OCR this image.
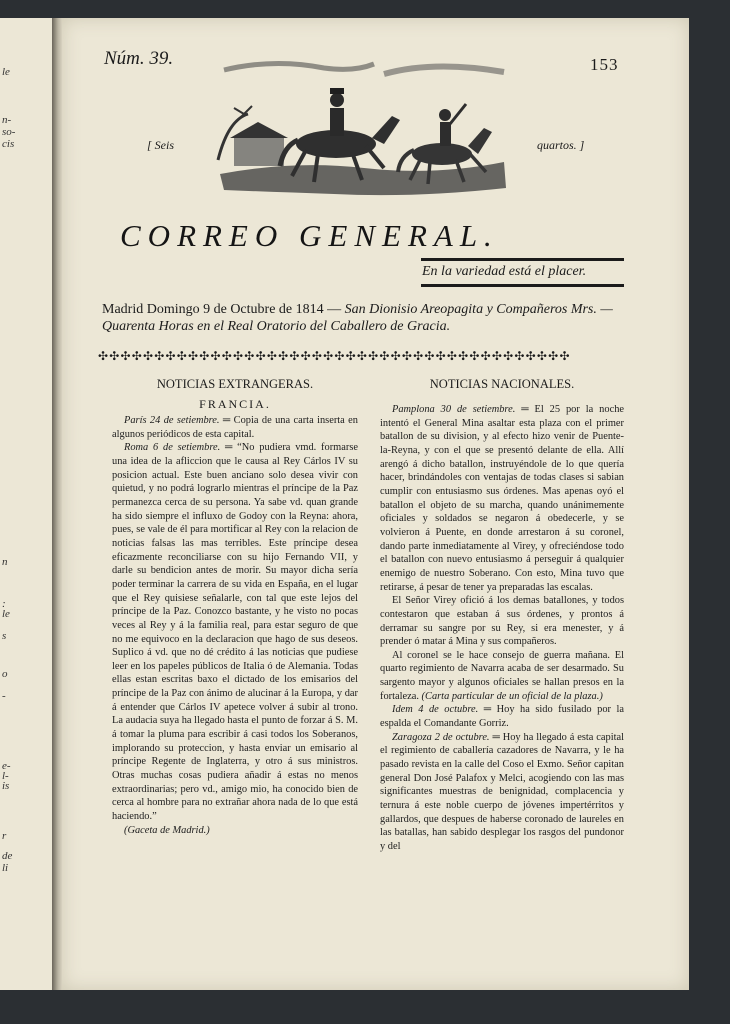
le
n-
so-
cis
n
:
le
s
o
-
e-
l-
is
r
de
li
Núm. 39.	153
[ Seis	quartos. ]
CORREO GENERAL.
En la variedad está el placer.
Madrid Domingo 9 de Octubre de 1814 — San Dionisio Areopagita y Compañeros Mrs. — Quarenta Horas en el Real Oratorio del Caballero de Gracia.
✣✣✣✣✣✣✣✣✣✣✣✣✣✣✣✣✣✣✣✣✣✣✣✣✣✣✣✣✣✣✣✣✣✣✣✣✣✣✣✣✣✣
NOTICIAS EXTRANGERAS.
FRANCIA.

París 24 de setiembre. ═ Copia de una carta inserta en algunos periódicos de esta capital.

Roma 6 de setiembre. ═ “No pudiera vmd. formarse una idea de la afliccion que le causa al Rey Cárlos IV su posicion actual. Este buen anciano solo desea vivir con quietud, y no podrá lograrlo mientras el príncipe de la Paz permanezca cerca de su persona. Ya sabe vd. quan grande ha sido siempre el influxo de Godoy con la Reyna: ahora, pues, se vale de él para mortificar al Rey con la relacion de noticias falsas las mas terribles. Este príncipe desea eficazmente reconciliarse con su hijo Fernando VII, y darle su bendicion antes de morir. Su mayor dicha sería poder terminar la carrera de su vida en España, en el lugar que el Rey quisiese señalarle, con tal que este lejos del príncipe de la Paz. Conozco bastante, y he visto no pocas veces al Rey y á la familia real, para estar seguro de que no me equivoco en la declaracion que hago de sus deseos. Suplico á vd. que no dé crédito á las noticias que pudiese leer en los papeles públicos de Italia ó de Alemania. Todas ellas estan escritas baxo el dictado de los emisarios del príncipe de la Paz con ánimo de alucinar á la Europa, y dar á entender que Cárlos IV apetece volver á subir al trono. La audacia suya ha llegado hasta el punto de forzar á S. M. á tomar la pluma para escribir á casi todos los Soberanos, implorando su proteccion, y hasta enviar un emisario al príncipe Regente de Inglaterra, y otro á sus ministros. Otras muchas cosas pudiera añadir á estas no menos extraordinarias; pero vd., amigo mio, ha conocido bien de cerca al hombre para no extrañar ahora nada de lo que está haciendo.”

(Gaceta de Madrid.)

NOTICIAS NACIONALES.

Pamplona 30 de setiembre. ═ El 25 por la noche intentó el General Mina asaltar esta plaza con el primer batallon de su division, y al efecto hizo venir de Puente-la-Reyna, y con el que se presentó delante de ella. Allí arengó á dicho batallon, instruyéndole de lo que quería hacer, brindándoles con ventajas de todas clases si sabian cumplir con entusiasmo sus órdenes. Mas apenas oyó el batallon el objeto de su marcha, quando unánimemente oficiales y soldados se negaron á obedecerle, y se volvieron á Puente, en donde arrestaron á su coronel, dando parte inmediatamente al Virey, y ofreciéndose todo el batallon con nuevo entusiasmo á perseguir á qualquier enemigo de nuestro Soberano. Con esto, Mina tuvo que retirarse, á pesar de tener ya preparadas las escalas.

El Señor Virey ofició á los demas batallones, y todos contestaron que estaban á sus órdenes, y prontos á derramar su sangre por su Rey, si era menester, y á prender ó matar á Mina y sus compañeros.

Al coronel se le hace consejo de guerra mañana. El quarto regimiento de Navarra acaba de ser desarmado. Su sargento mayor y algunos oficiales se hallan presos en la fortaleza. (Carta particular de un oficial de la plaza.)

Idem 4 de octubre. ═ Hoy ha sido fusilado por la espalda el Comandante Gorriz.

Zaragoza 2 de octubre. ═ Hoy ha llegado á esta capital el regimiento de caballería cazadores de Navarra, y le ha pasado revista en la calle del Coso el Exmo. Señor capitan general Don José Palafox y Melci, acogiendo con las mas significantes muestras de benignidad, complacencia y ternura á este noble cuerpo de jóvenes impertérritos y gallardos, que despues de haberse coronado de laureles en las batallas, han sabido desplegar los rasgos del pundonor y del
